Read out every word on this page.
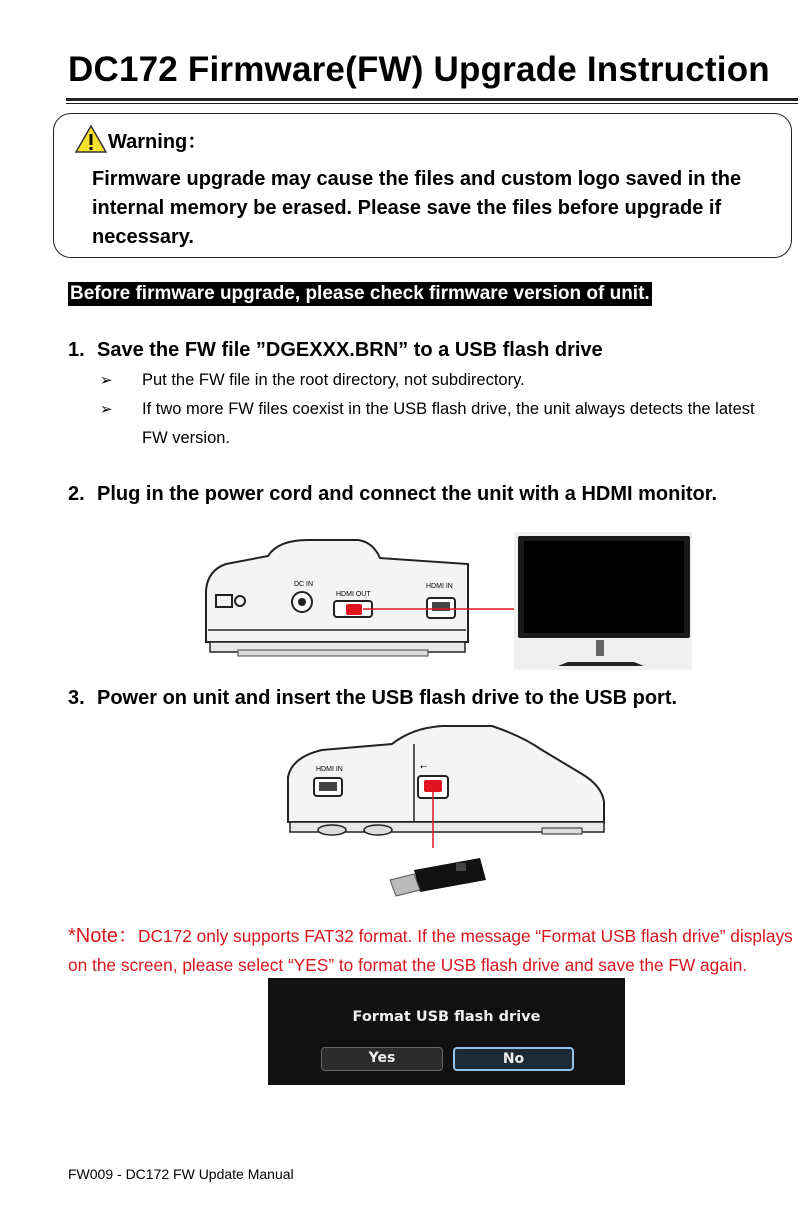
DC172 Firmware(FW) Upgrade Instruction
Warning ：
Firmware upgrade may cause the files and custom logo saved in the internal memory be erased. Please save the files before upgrade if necessary.
Before firmware upgrade, please check firmware version of unit.
1. Save the FW file ”DGEXXX.BRN” to a USB flash drive
➢ Put the FW file in the root directory, not subdirectory.
➢ If two more FW files coexist in the USB flash drive, the unit always detects the latest FW version.
2. Plug in the power cord and connect the unit with a HDMI monitor.
DC IN
HDMI OUT
HDMI IN
3. Power on unit and insert the USB flash drive to the USB port.
HDMI IN	⭠
*Note：DC172 only supports FAT32 format. If the message “Format USB flash drive” displays on the screen, please select “YES” to format the USB flash drive and save the FW again.
Format USB flash drive
Yes	No
FW009 - DC172 FW Update Manual
